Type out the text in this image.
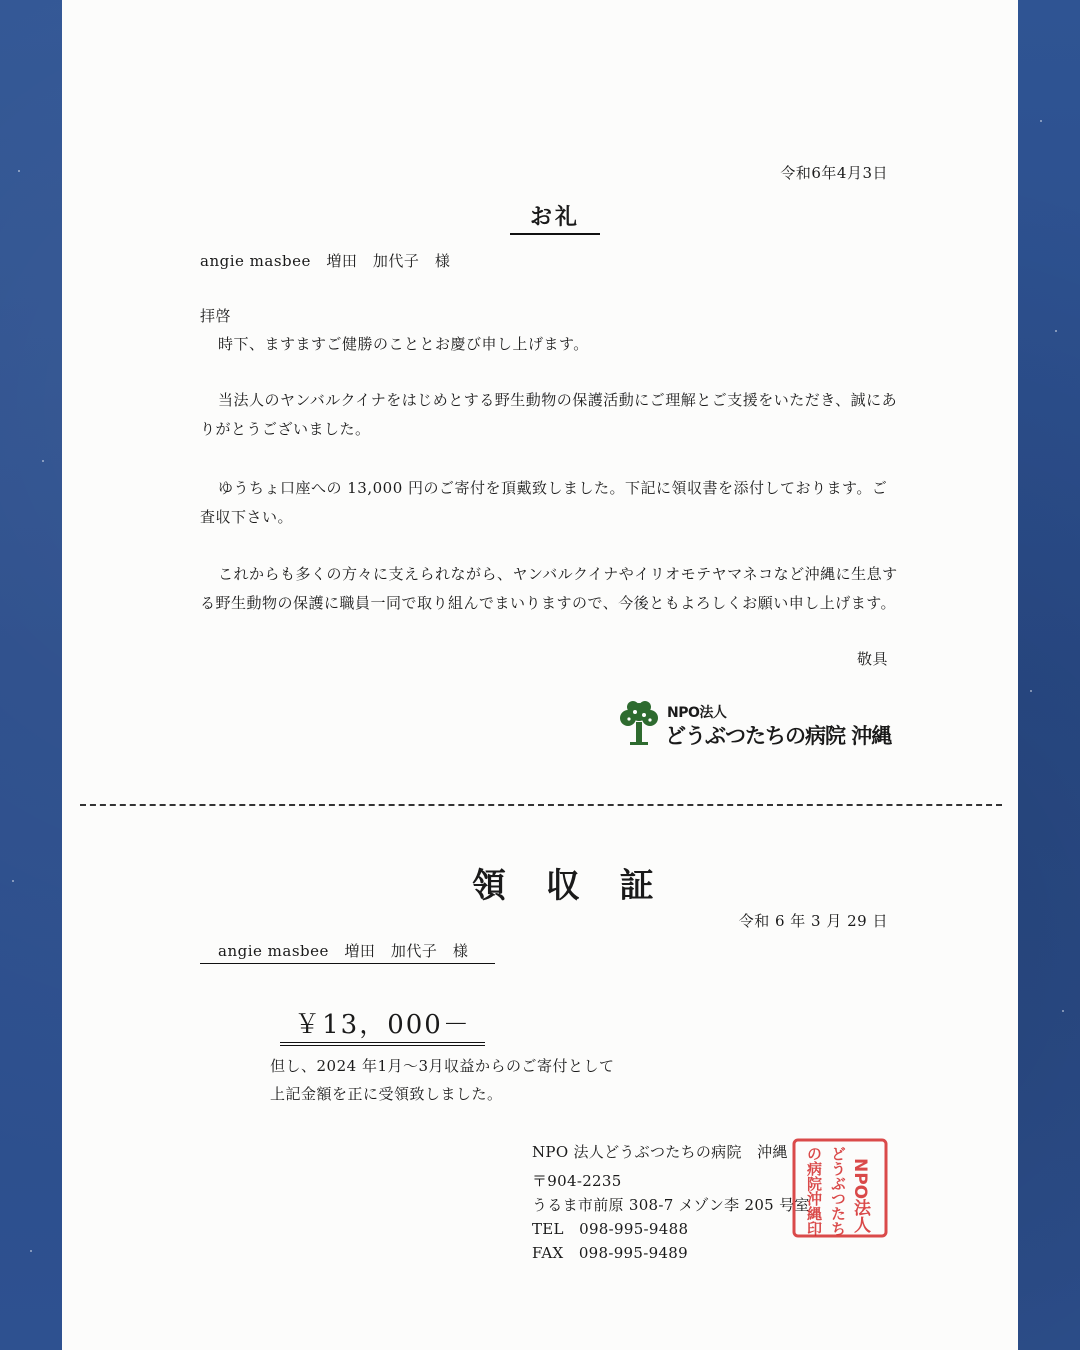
令和6年4月3日
お礼
angie masbee　増田　加代子　様
拝啓
時下、ますますご健勝のこととお慶び申し上げます。
当法人のヤンバルクイナをはじめとする野生動物の保護活動にご理解とご支援をいただき、誠にありがとうございました。
ゆうちょ口座への 13,000 円のご寄付を頂戴致しました。下記に領収書を添付しております。ご査収下さい。
これからも多くの方々に支えられながら、ヤンバルクイナやイリオモテヤマネコなど沖縄に生息する野生動物の保護に職員一同で取り組んでまいりますので、今後ともよろしくお願い申し上げます。
敬具
NPO法人
どうぶつたちの病院 沖縄
領 収 証
令和 6 年 3 月 29 日
angie masbee　増田　加代子　様
￥13，000－
但し、2024 年1月～3月収益からのご寄付として
上記金額を正に受領致しました。
NPO 法人どうぶつたちの病院　沖縄
〒904-2235
うるま市前原 308-7 メゾン李 205 号室
TEL　098-995-9488
FAX　098-995-9489
NPO法人
どうぶつたち
の病院沖縄印
